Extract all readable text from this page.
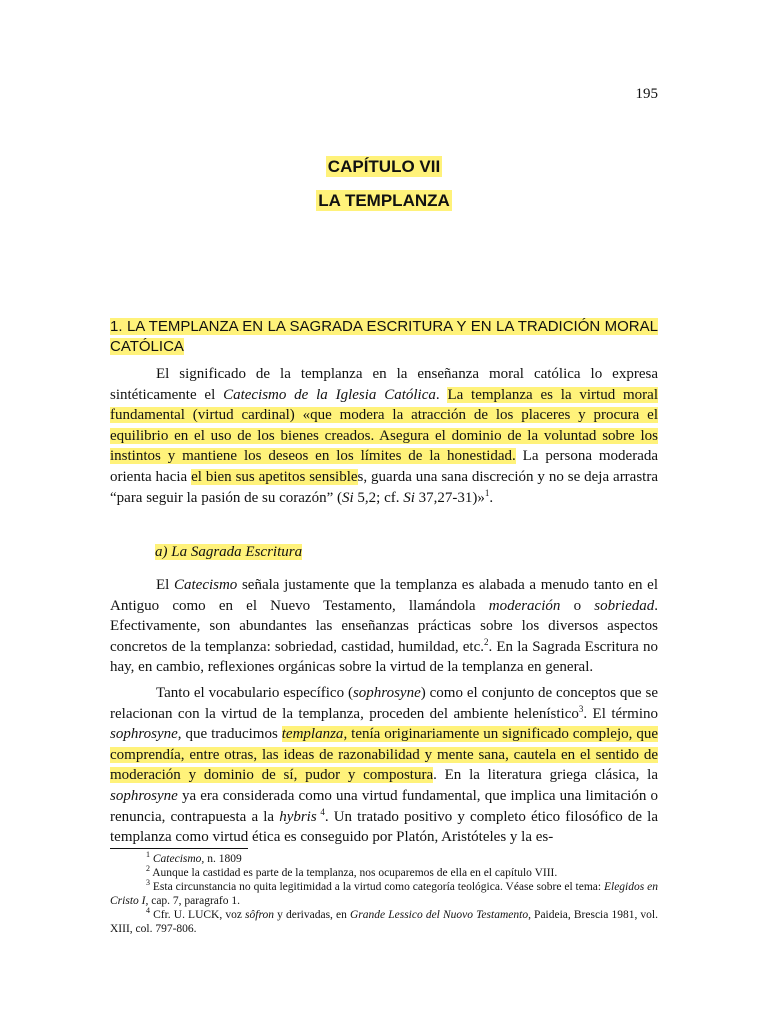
195
CAPÍTULO VII
LA TEMPLANZA
1. LA TEMPLANZA EN LA SAGRADA ESCRITURA Y EN LA TRADICIÓN MORAL CATÓLICA

El significado de la templanza en la enseñanza moral católica lo expresa sintéticamente el Catecismo de la Iglesia Católica. La templanza es la virtud moral fundamental (virtud cardinal) «que modera la atracción de los placeres y procura el equilibrio en el uso de los bienes creados. Asegura el dominio de la voluntad sobre los instintos y mantiene los deseos en los límites de la honestidad. La persona moderada orienta hacia el bien sus apetitos sensibles, guarda una sana discreción y no se deja arrastra “para seguir la pasión de su corazón” (Si 5,2; cf. Si 37,27-31)»$^1$.

a) La Sagrada Escritura

El Catecismo señala justamente que la templanza es alabada a menudo tanto en el Antiguo como en el Nuevo Testamento, llamándola moderación o sobriedad. Efectivamente, son abundantes las enseñanzas prácticas sobre los diversos aspectos concretos de la templanza: sobriedad, castidad, humildad, etc.$^2$. En la Sagrada Escritura no hay, en cambio, reflexiones orgánicas sobre la virtud de la templanza en general.

Tanto el vocabulario específico (sophrosyne) como el conjunto de conceptos que se relacionan con la virtud de la templanza, proceden del ambiente helenístico$^3$. El término sophrosyne, que traducimos templanza, tenía originariamente un significado complejo, que comprendía, entre otras, las ideas de razonabilidad y mente sana, cautela en el sentido de moderación y dominio de sí, pudor y compostura. En la literatura griega clásica, la sophrosyne ya era considerada como una virtud fundamental, que implica una limitación o renuncia, contrapuesta a la hybris $^4$. Un tratado positivo y completo ético filosófico de la templanza como virtud ética es conseguido por Platón, Aristóteles y la es-

$^1$ Catecismo, n. 1809

$^2$ Aunque la castidad es parte de la templanza, nos ocuparemos de ella en el capítulo VIII.

$^3$ Esta circunstancia no quita legitimidad a la virtud como categoría teológica. Véase sobre el tema: Elegidos en Cristo I, cap. 7, paragrafo 1.

$^4$ Cfr. U. LUCK, voz sôfron y derivadas, en Grande Lessico del Nuovo Testamento, Paideia, Brescia 1981, vol. XIII, col. 797-806.
